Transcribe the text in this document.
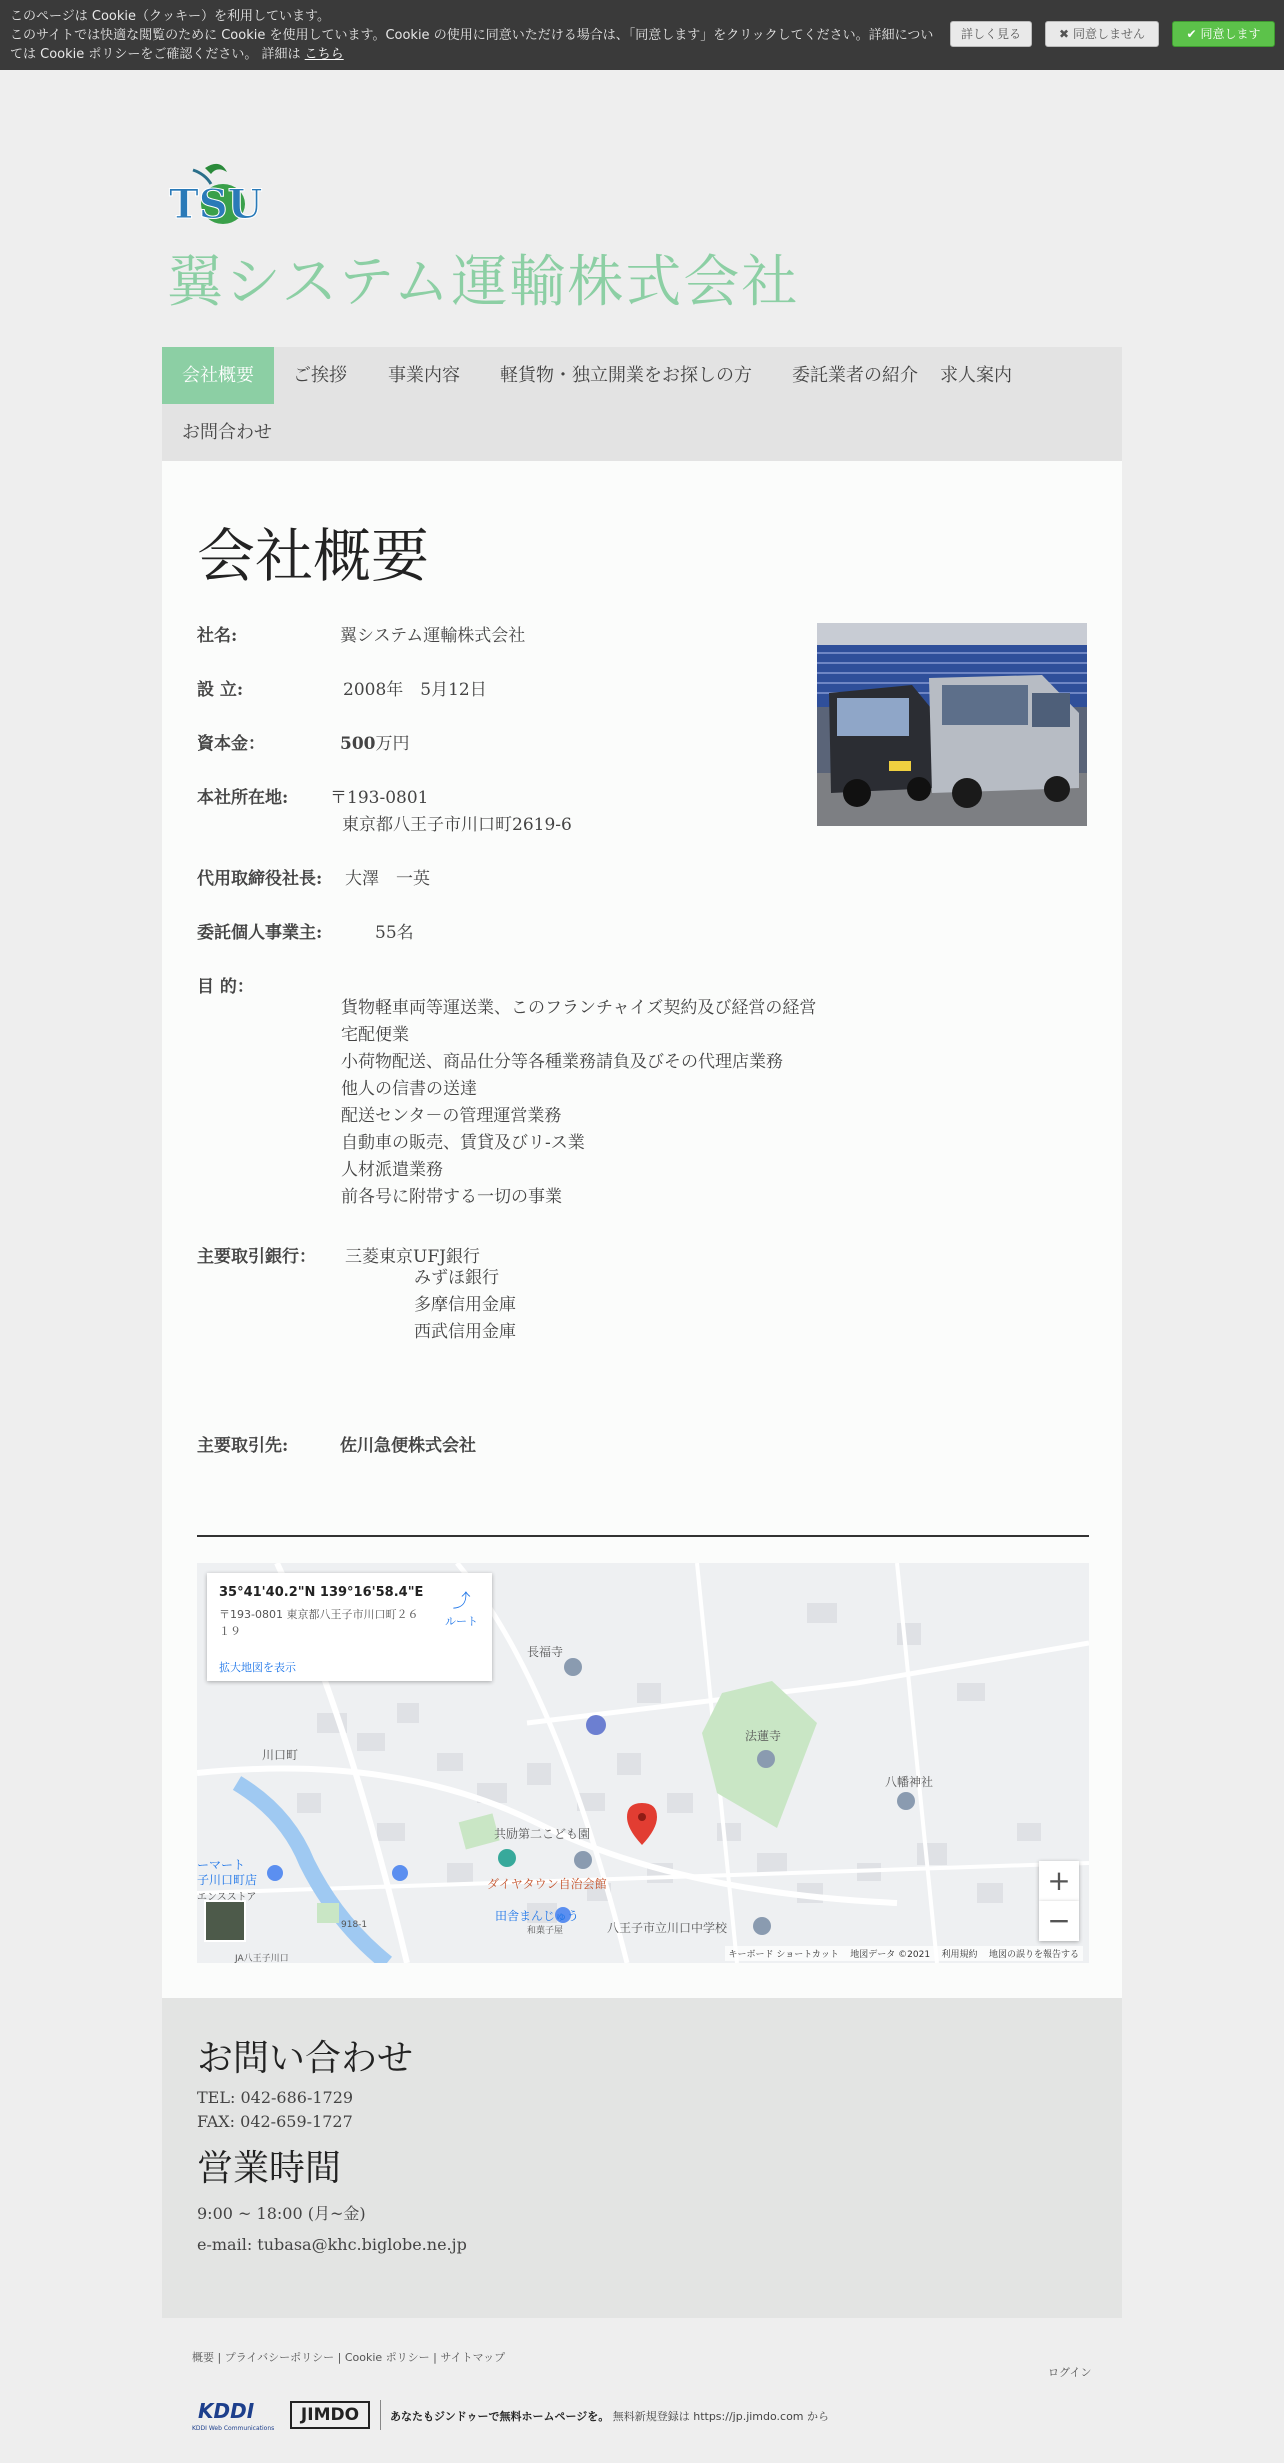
このページは Cookie（クッキー）を利用しています。
このサイトでは快適な閲覧のために Cookie を使用しています。Cookie の使用に同意いただける場合は、「同意します」をクリックしてください。詳細につい
ては Cookie ポリシーをご確認ください。 詳細は こちら
詳しく見る	✖ 同意しません	✔ 同意します
TSU
翼システム運輸株式会社
会社概要	ご挨拶	事業内容	軽貨物・独立開業をお探しの方	委託業者の紹介	求人案内
お問合わせ
会社概要
社名:	翼システム運輸株式会社
設 立:	2008年　5月12日
資本金：	500万円
本社所在地: 〒193-0801
東京都八王子市川口町2619-6
代用取締役社長: 大澤　一英
委託個人事業主:	55名
目 的：
貨物軽車両等運送業、このフランチャイズ契約及び経営の経営
宅配便業
小荷物配送、商品仕分等各種業務請負及びその代理店業務
他人の信書の送達
配送センタ－の管理運営業務
自動車の販売、賃貸及びリ-ス業
人材派遣業務
前各号に附帯する一切の事業
主要取引銀行： 三菱東京UFJ銀行
みずほ銀行
多摩信用金庫
西武信用金庫
主要取引先:	佐川急便株式会社
長福寺
川口町
法蓮寺
八幡神社
共励第二こども園
ダイヤタウン自治会館
田舎まんじゅう
和菓子屋	八王子市立川口中学校
エンスストア
JA八王子川口
918-1
ーマート
子川口町店
35°41'40.2"N 139°16'58.4"E
〒193-0801 東京都八王子市川口町２６１９
⤴
ルート
拡大地図を表示
+
−
キーボード ショートカット 地図データ ©2021 利用規約 地図の誤りを報告する
お問い合わせ
TEL: 042-686-1729
FAX: 042-659-1727
営業時間
9:00 ~ 18:00 (月~金)
e-mail: tubasa@khc.biglobe.ne.jp
概要 | プライバシーポリシー | Cookie ポリシー | サイトマップ
ログイン
KDDI
KDDI Web Communications
JIMDO	あなたもジンドゥーで無料ホームページを。 無料新規登録は https://jp.jimdo.com から
